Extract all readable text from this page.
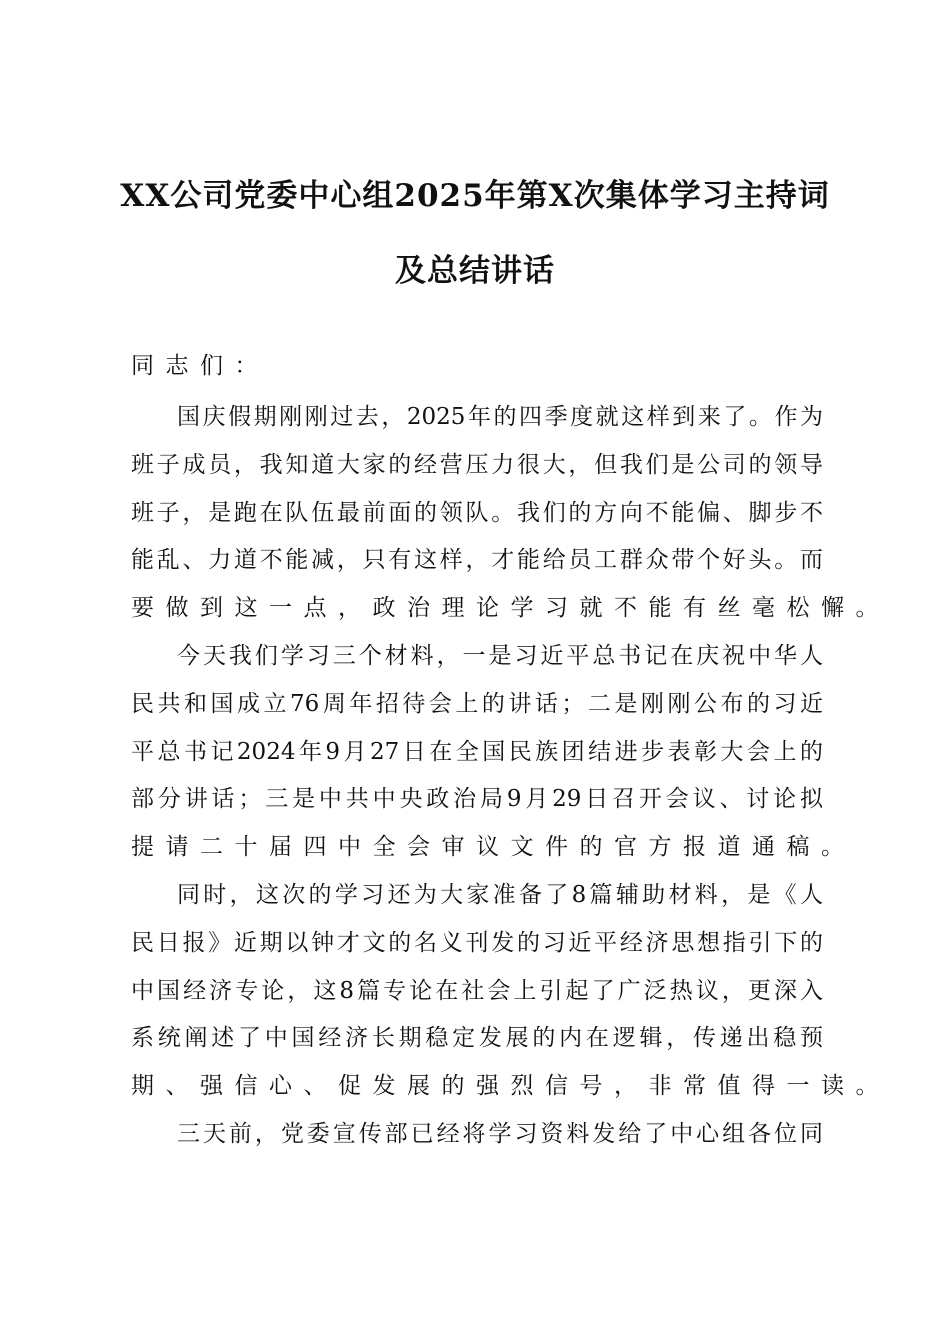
XX公司党委中心组2025年第X次集体学习主持词
及总结讲话
同志们：
国庆假期刚刚过去，2025年的四季度就这样到来了。作为
班子成员，我知道大家的经营压力很大，但我们是公司的领导
班子，是跑在队伍最前面的领队。我们的方向不能偏、脚步不
能乱、力道不能减，只有这样，才能给员工群众带个好头。而
要做到这一点，政治理论学习就不能有丝毫松懈。
今天我们学习三个材料，一是习近平总书记在庆祝中华人
民共和国成立76周年招待会上的讲话；二是刚刚公布的习近
平总书记2024年9月27日在全国民族团结进步表彰大会上的
部分讲话；三是中共中央政治局9月29日召开会议、讨论拟
提请二十届四中全会审议文件的官方报道通稿。
同时，这次的学习还为大家准备了8篇辅助材料，是《人
民日报》近期以钟才文的名义刊发的习近平经济思想指引下的
中国经济专论，这8篇专论在社会上引起了广泛热议，更深入
系统阐述了中国经济长期稳定发展的内在逻辑，传递出稳预
期、强信心、促发展的强烈信号，非常值得一读。
三天前，党委宣传部已经将学习资料发给了中心组各位同
